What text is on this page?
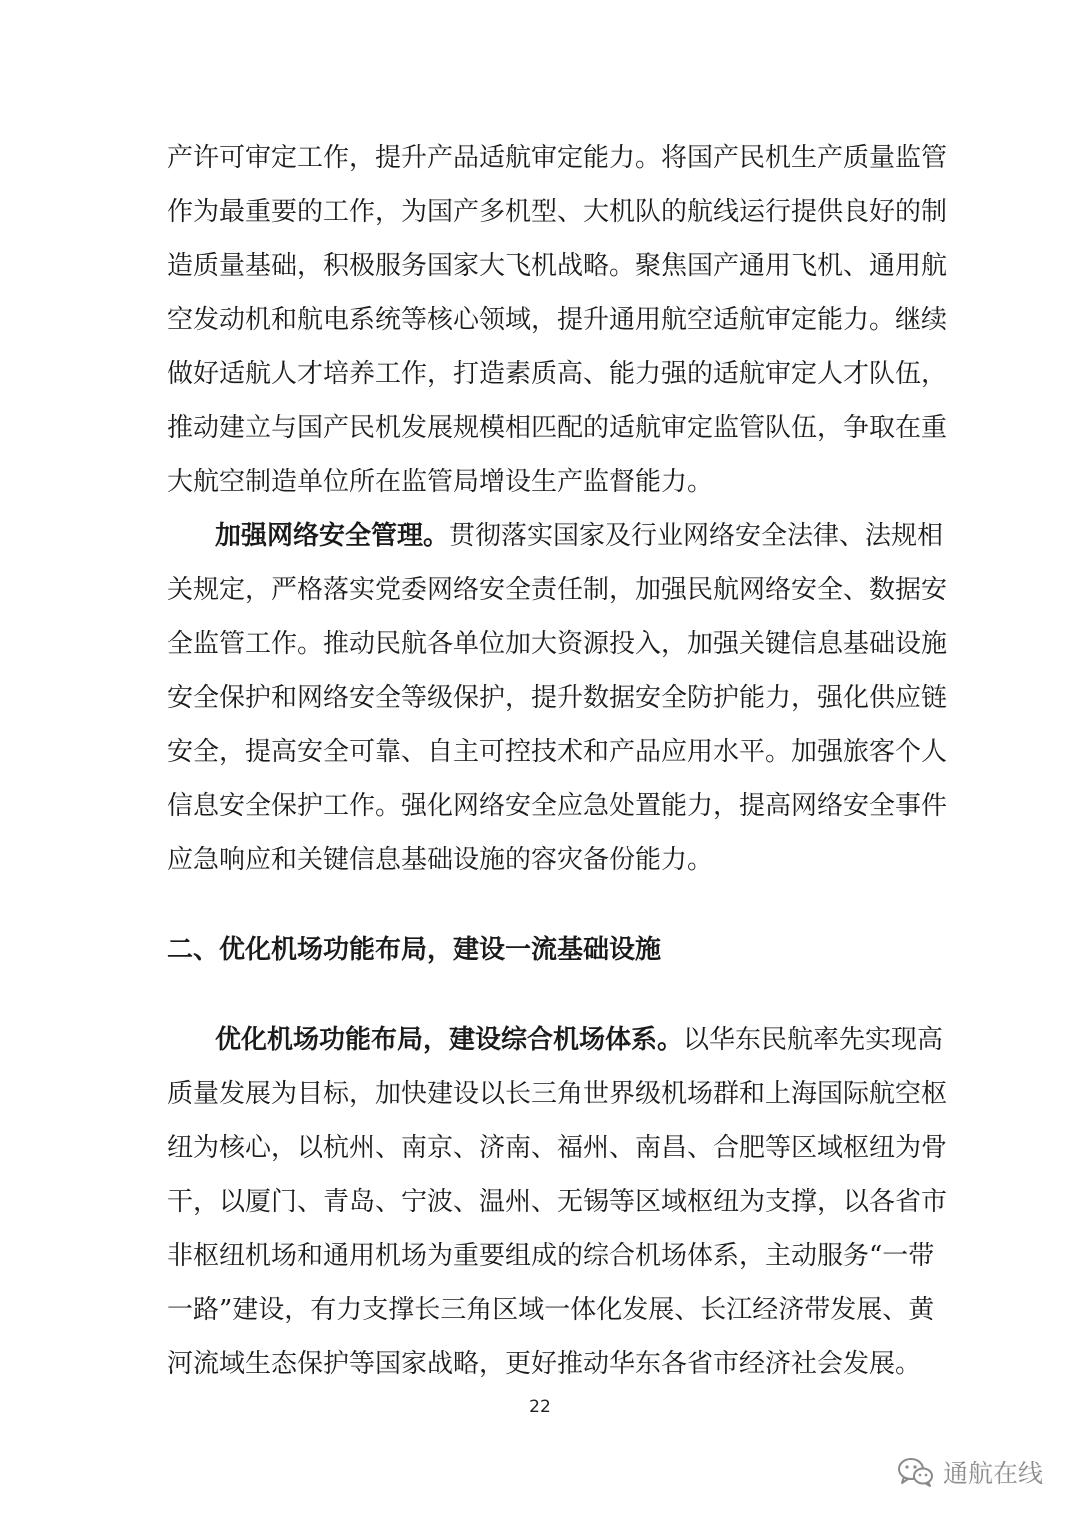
产许可审定工作，提升产品适航审定能力。将国产民机生产质量监管
作为最重要的工作，为国产多机型、大机队的航线运行提供良好的制
造质量基础，积极服务国家大飞机战略。聚焦国产通用飞机、通用航
空发动机和航电系统等核心领域，提升通用航空适航审定能力。继续
做好适航人才培养工作，打造素质高、能力强的适航审定人才队伍，
推动建立与国产民机发展规模相匹配的适航审定监管队伍，争取在重
大航空制造单位所在监管局增设生产监督能力。
加强网络安全管理。贯彻落实国家及行业网络安全法律、法规相
关规定，严格落实党委网络安全责任制，加强民航网络安全、数据安
全监管工作。推动民航各单位加大资源投入，加强关键信息基础设施
安全保护和网络安全等级保护，提升数据安全防护能力，强化供应链
安全，提高安全可靠、自主可控技术和产品应用水平。加强旅客个人
信息安全保护工作。强化网络安全应急处置能力，提高网络安全事件
应急响应和关键信息基础设施的容灾备份能力。
二、优化机场功能布局，建设一流基础设施
优化机场功能布局，建设综合机场体系。以华东民航率先实现高
质量发展为目标，加快建设以长三角世界级机场群和上海国际航空枢
纽为核心，以杭州、南京、济南、福州、南昌、合肥等区域枢纽为骨
干，以厦门、青岛、宁波、温州、无锡等区域枢纽为支撑，以各省市
非枢纽机场和通用机场为重要组成的综合机场体系，主动服务“一带
一路”建设，有力支撑长三角区域一体化发展、长江经济带发展、黄
河流域生态保护等国家战略，更好推动华东各省市经济社会发展。
22
通航在线
